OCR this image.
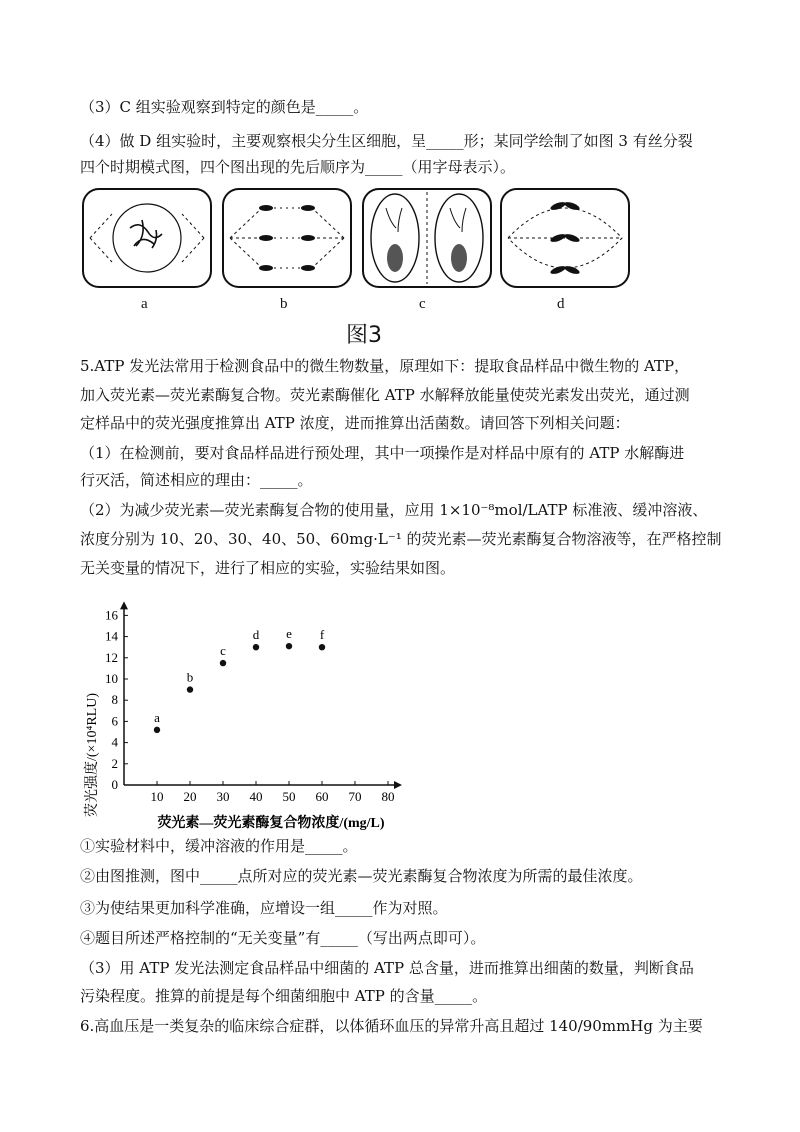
（3）C 组实验观察到特定的颜色是_____。
（4）做 D 组实验时，主要观察根尖分生区细胞，呈_____形；某同学绘制了如图 3 有丝分裂
四个时期模式图，四个图出现的先后顺序为_____（用字母表示）。
a	b	c	d
图3
5.ATP 发光法常用于检测食品中的微生物数量，原理如下：提取食品样品中微生物的 ATP，
加入荧光素—荧光素酶复合物。荧光素酶催化 ATP 水解释放能量使荧光素发出荧光，通过测
定样品中的荧光强度推算出 ATP 浓度，进而推算出活菌数。请回答下列相关问题：
（1）在检测前，要对食品样品进行预处理，其中一项操作是对样品中原有的 ATP 水解酶进
行灭活，简述相应的理由：_____。
（2）为减少荧光素—荧光素酶复合物的使用量，应用 1×10⁻⁸mol/LATP 标准液、缓冲溶液、
浓度分别为 10、20、30、40、50、60mg·L⁻¹ 的荧光素—荧光素酶复合物溶液等，在严格控制
无关变量的情况下，进行了相应的实验，实验结果如图。
10 20 30 40 50 60 70 80
0
2
4
6
8
10
12
14
16
a
b
c
d e f
荧光强度/(×10⁴RLU)
荧光素—荧光素酶复合物浓度/(mg/L)
①实验材料中，缓冲溶液的作用是_____。
②由图推测，图中_____点所对应的荧光素—荧光素酶复合物浓度为所需的最佳浓度。
③为使结果更加科学准确，应增设一组_____作为对照。
④题目所述严格控制的“无关变量”有_____（写出两点即可）。
（3）用 ATP 发光法测定食品样品中细菌的 ATP 总含量，进而推算出细菌的数量，判断食品
污染程度。推算的前提是每个细菌细胞中 ATP 的含量_____。
6.高血压是一类复杂的临床综合症群，以体循环血压的异常升高且超过 140/90mmHg 为主要
